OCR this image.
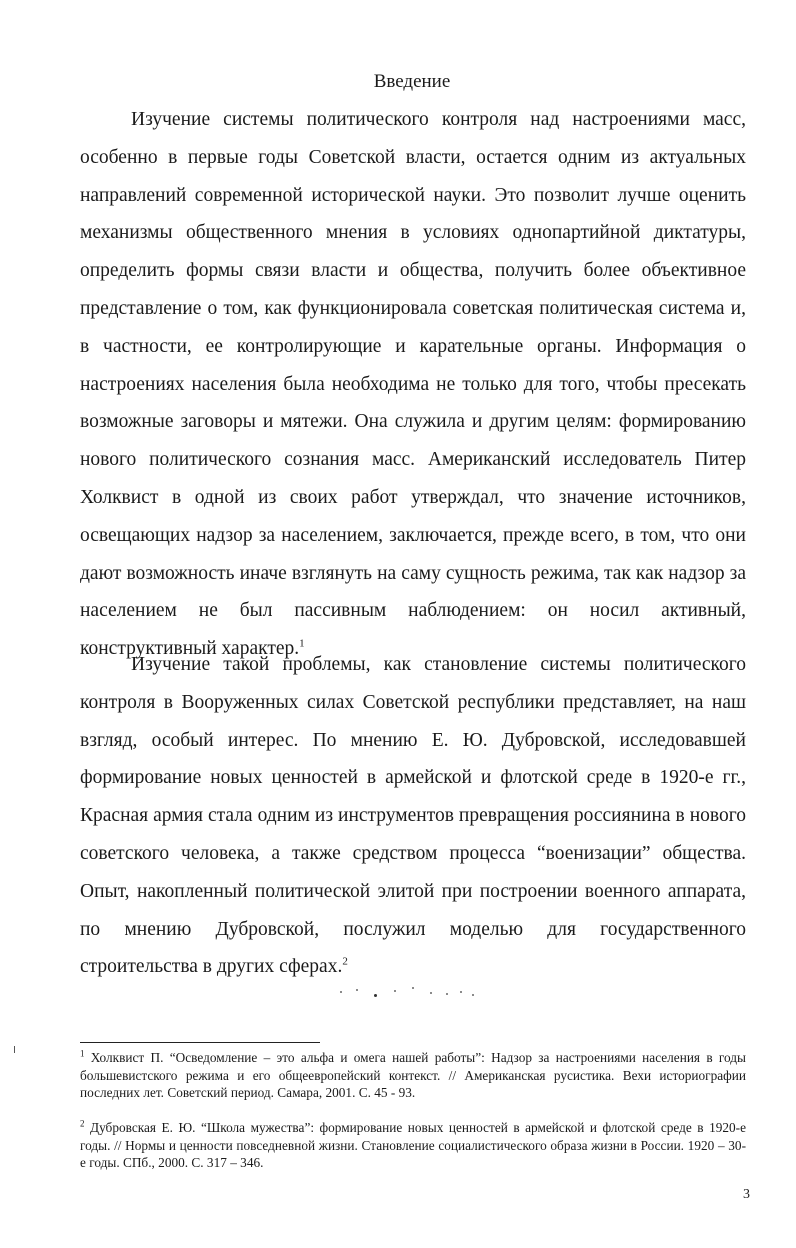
Введение

Изучение системы политического контроля над настроениями масс, особенно в первые годы Советской власти, остается одним из актуальных направлений современной исторической науки. Это позволит лучше оценить механизмы общественного мнения в условиях однопартийной диктатуры, определить формы связи власти и общества, получить более объективное представление о том, как функционировала советская политическая система и, в частности, ее контролирующие и карательные органы. Информация о настроениях населения была необходима не только для того, чтобы пресекать возможные заговоры и мятежи. Она служила и другим целям: формированию нового политического сознания масс. Американский исследователь Питер Холквист в одной из своих работ утверждал, что значение источников, освещающих надзор за населением, заключается, прежде всего, в том, что они дают возможность иначе взглянуть на саму сущность режима, так как надзор за населением не был пассивным наблюдением: он носил активный, конструктивный характер.$^1$

Изучение такой проблемы, как становление системы политического контроля в Вооруженных силах Советской республики представляет, на наш взгляд, особый интерес. По мнению Е. Ю. Дубровской, исследовавшей формирование новых ценностей в армейской и флотской среде в 1920-е гг., Красная армия стала одним из инструментов превращения россиянина в нового советского человека, а также средством процесса “военизации” общества. Опыт, накопленный политической элитой при построении военного аппарата, по мнению Дубровской, послужил моделью для государственного строительства в других сферах.$^2$

$^1$ Холквист П. “Осведомление – это альфа и омега нашей работы”: Надзор за настроениями населения в годы большевистского режима и его общеевропейский контекст. // Американская русистика. Вехи историографии последних лет. Советский период. Самара, 2001. С. 45 - 93.

$^2$ Дубровская Е. Ю. “Школа мужества”: формирование новых ценностей в армейской и флотской среде в 1920-е годы. // Нормы и ценности повседневной жизни. Становление социалистического образа жизни в России. 1920 – 30-е годы. СПб., 2000. С. 317 – 346.

3
